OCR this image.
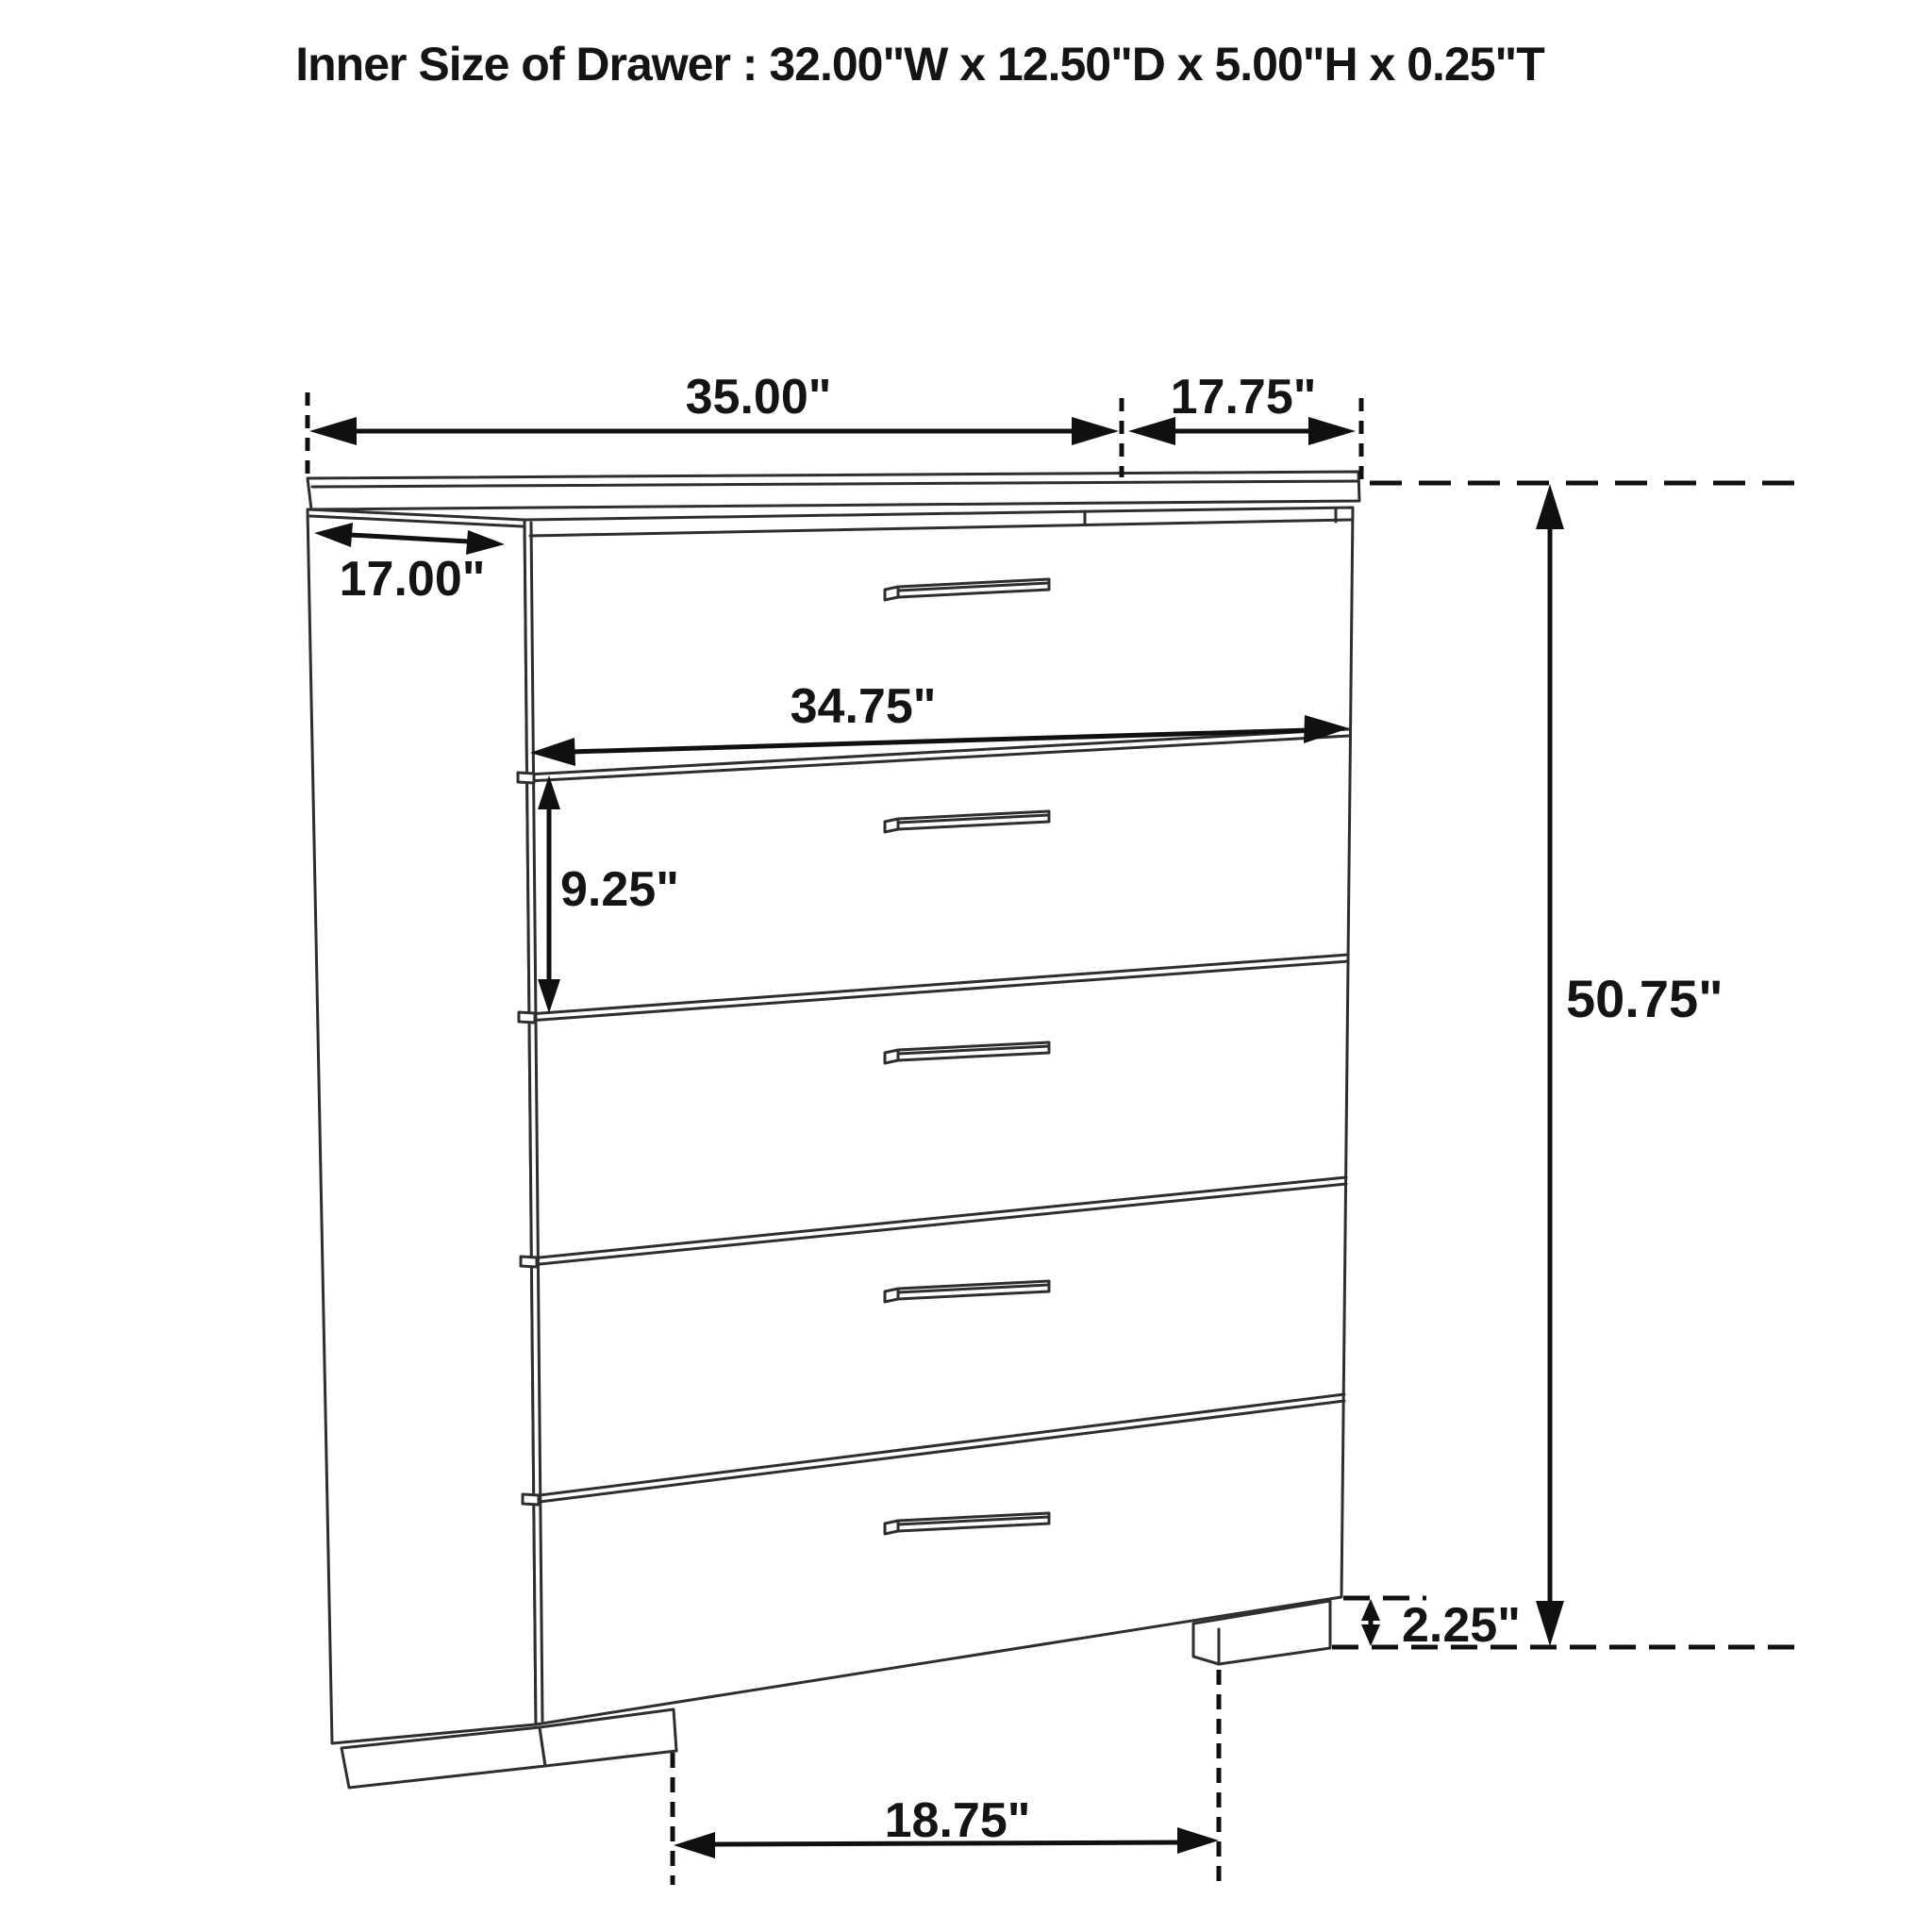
Inner Size of Drawer : 32.00"W x 12.50"D x 5.00"H x 0.25"T
35.00"	17.75"
17.00"
34.75"
9.25"
50.75"
2.25"
18.75"
